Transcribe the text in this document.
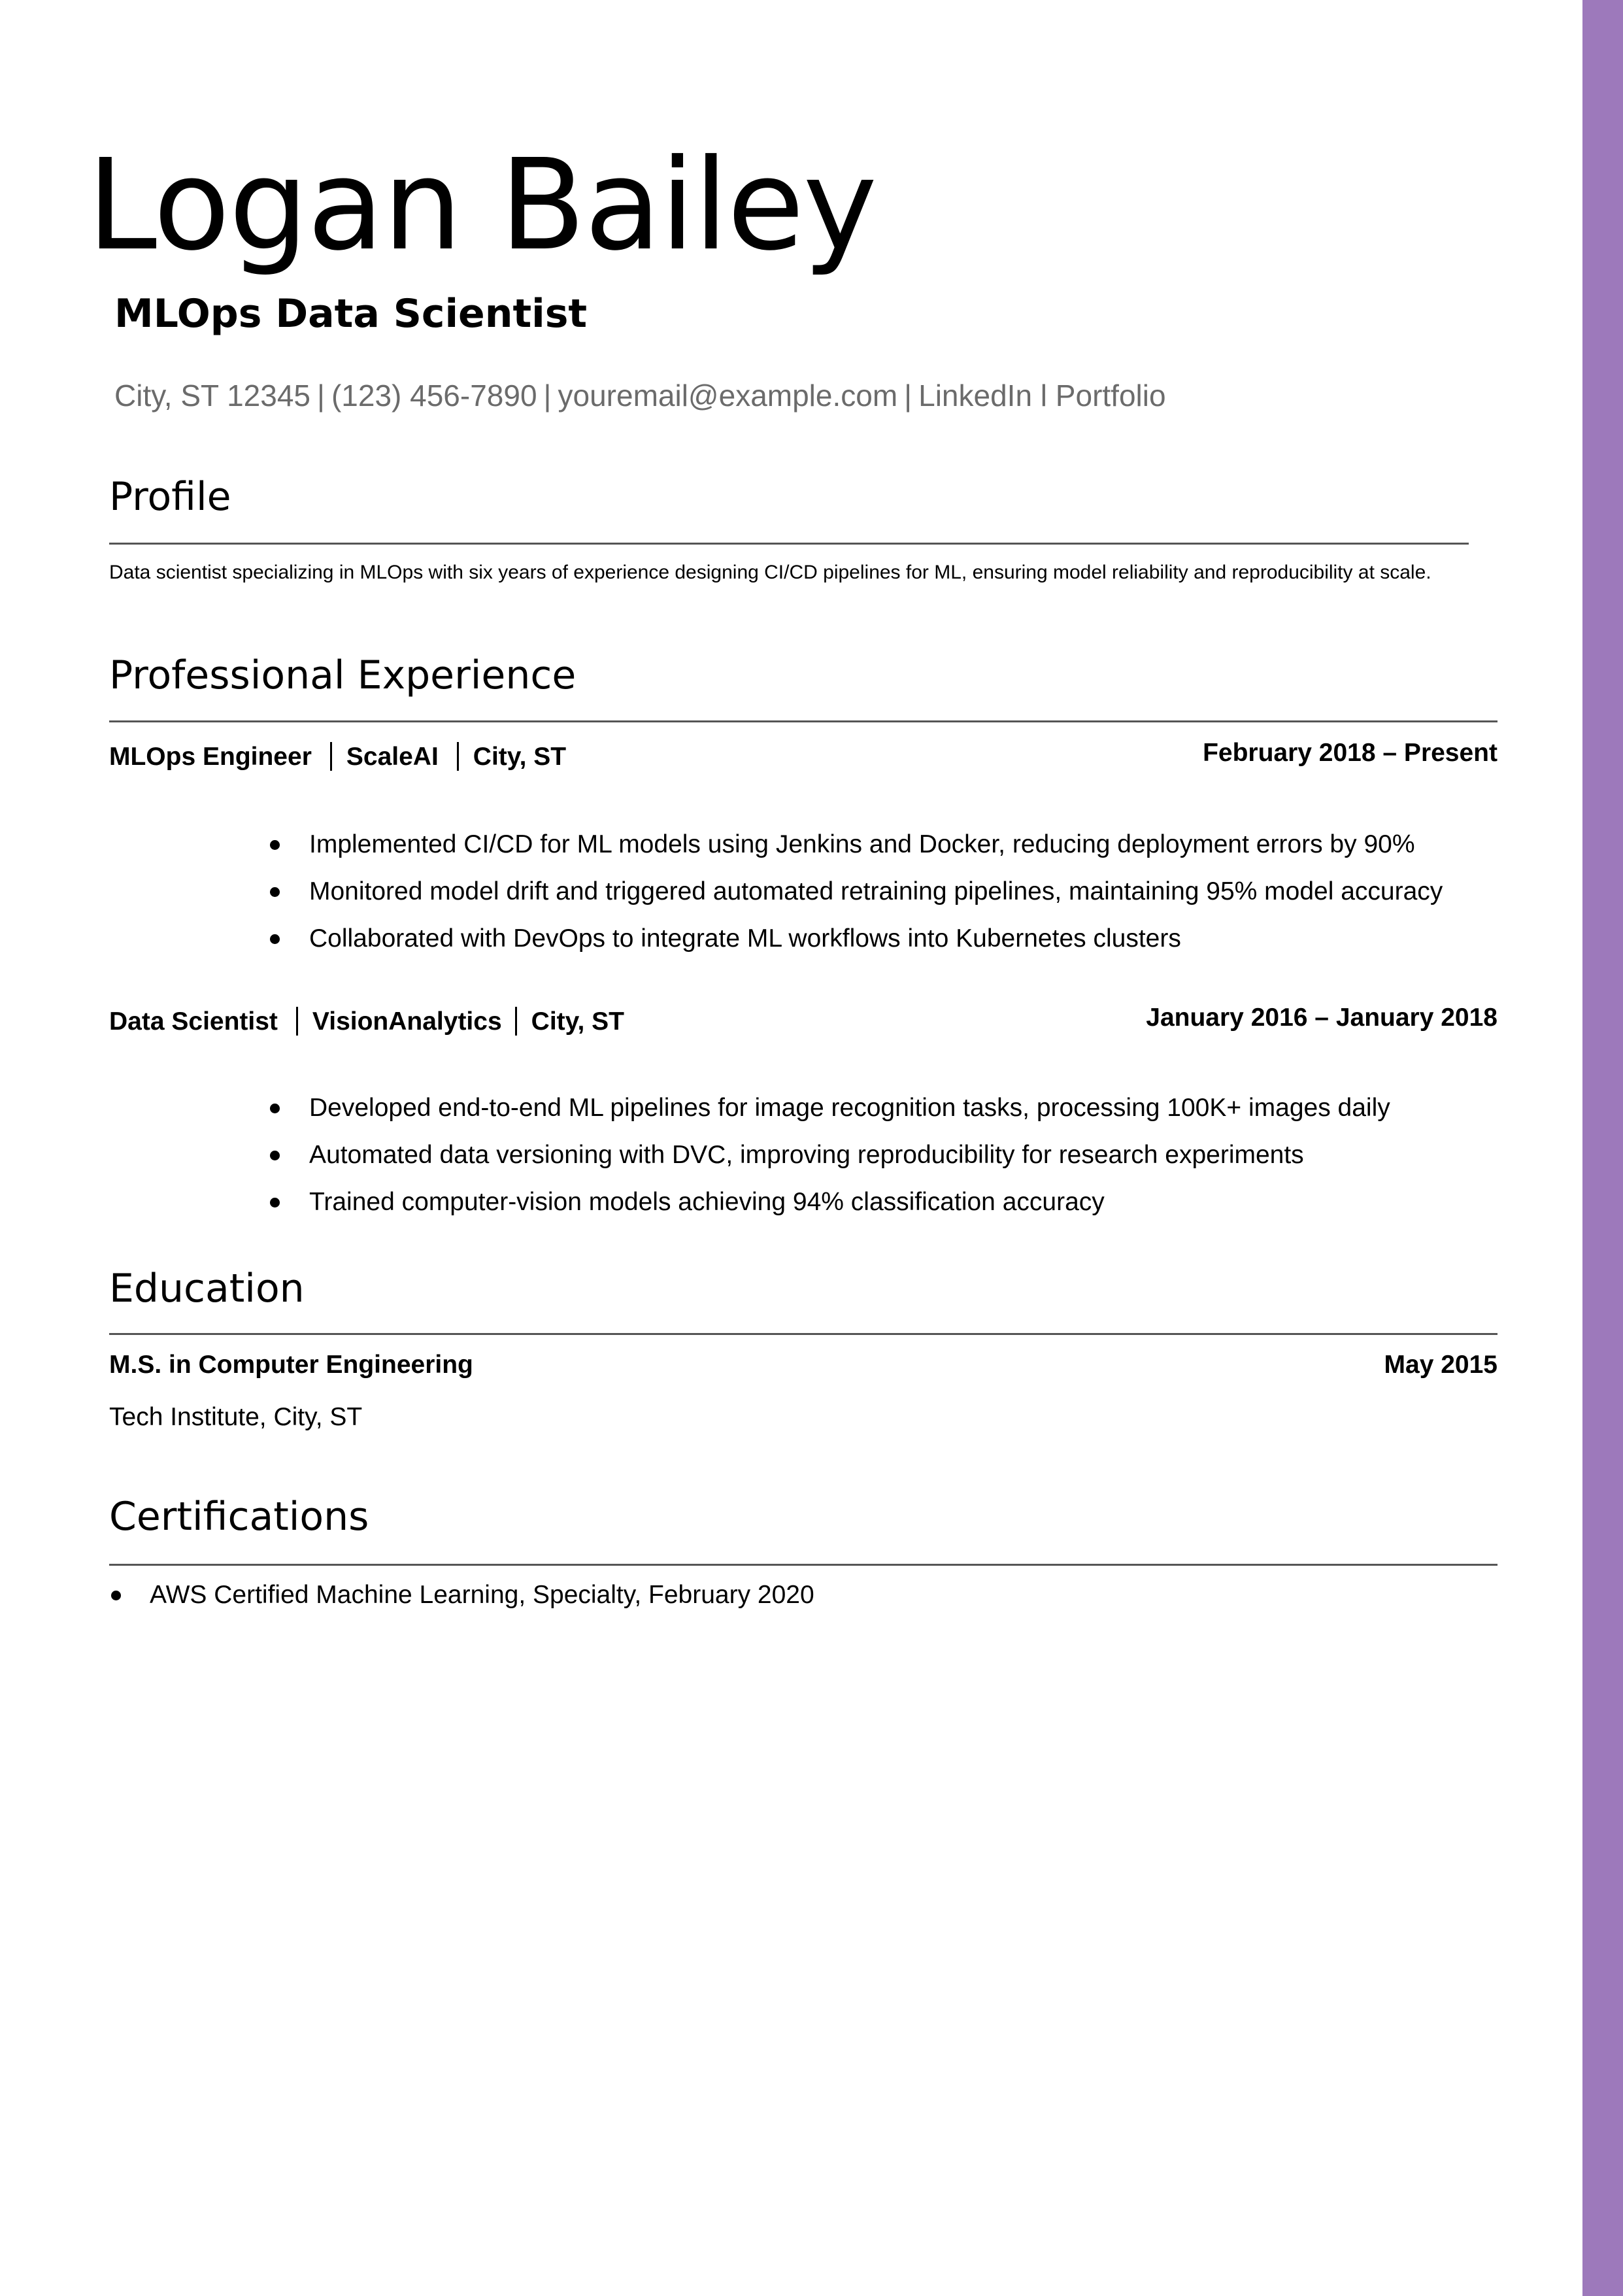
Logan Bailey
MLOps Data Scientist
City, ST 12345 | (123) 456-7890 | youremail@example.com | LinkedIn l Portfolio
Profile

Data scientist specializing in MLOps with six years of experience designing CI/CD pipelines for ML, ensuring model reliability and reproducibility at scale.

Professional Experience
MLOps Engineer ScaleAI City, ST	February 2018 – Present
Implemented CI/CD for ML models using Jenkins and Docker, reducing deployment errors by 90%
Monitored model drift and triggered automated retraining pipelines, maintaining 95% model accuracy
Collaborated with DevOps to integrate ML workflows into Kubernetes clusters
Data Scientist VisionAnalytics City, ST	January 2016 – January 2018
Developed end-to-end ML pipelines for image recognition tasks, processing 100K+ images daily
Automated data versioning with DVC, improving reproducibility for research experiments
Trained computer-vision models achieving 94% classification accuracy
Education
M.S. in Computer Engineering	May 2015
Tech Institute, City, ST
Certifications
AWS Certified Machine Learning, Specialty, February 2020
